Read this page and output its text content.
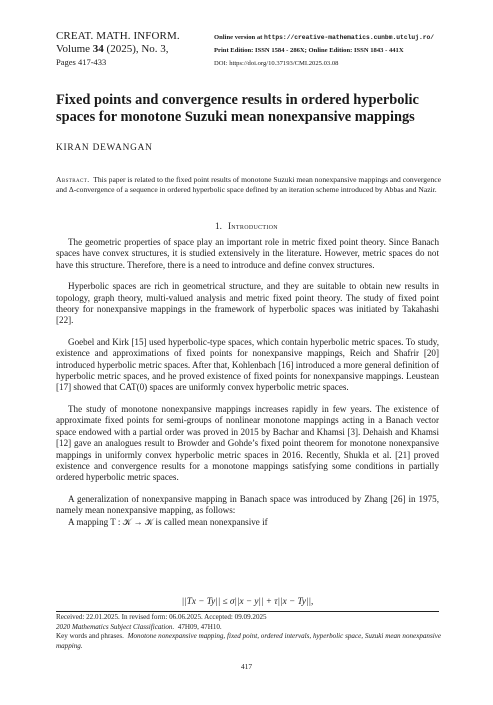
CREAT. MATH. INFORM.
Volume 34 (2025), No. 3,
Pages 417-433
Online version at https://creative-mathematics.cunbm.utcluj.ro/
Print Edition: ISSN 1584 - 286X; Online Edition: ISSN 1843 - 441X
DOI: https://doi.org/10.37193/CMI.2025.03.08
Fixed points and convergence results in ordered hyperbolic
spaces for monotone Suzuki mean nonexpansive mappings
KIRAN DEWANGAN
Abstract. This paper is related to the fixed point results of monotone Suzuki mean nonexpansive mappings and convergence and Δ-convergence of a sequence in ordered hyperbolic space defined by an iteration scheme introduced by Abbas and Nazir.
1. Introduction

The geometric properties of space play an important role in metric fixed point theory. Since Banach spaces have convex structures, it is studied extensively in the literature. However, metric spaces do not have this structure. Therefore, there is a need to introduce and define convex structures.

Hyperbolic spaces are rich in geometrical structure, and they are suitable to obtain new results in topology, graph theory, multi-valued analysis and metric fixed point theory. The study of fixed point theory for nonexpansive mappings in the framework of hyperbolic spaces was initiated by Takahashi [22].

Goebel and Kirk [15] used hyperbolic-type spaces, which contain hyperbolic metric spaces. To study, existence and approximations of fixed points for nonexpansive mappings, Reich and Shafrir [20] introduced hyperbolic metric spaces. After that, Kohlenbach [16] introduced a more general definition of hyperbolic metric spaces, and he proved existence of fixed points for nonexpansive mappings. Leustean [17] showed that CAT(0) spaces are uniformly convex hyperbolic metric spaces.

The study of monotone nonexpansive mappings increases rapidly in few years. The existence of approximate fixed points for semi-groups of nonlinear monotone mappings acting in a Banach vector space endowed with a partial order was proved in 2015 by Bachar and Khamsi [3]. Dehaish and Khamsi [12] gave an analogues result to Browder and Gohde’s fixed point theorem for monotone nonexpansive mappings in uniformly convex hyperbolic metric spaces in 2016. Recently, Shukla et al. [21] proved existence and convergence results for a monotone mappings satisfying some conditions in partially ordered hyperbolic metric spaces.

A generalization of nonexpansive mapping in Banach space was introduced by Zhang [26] in 1975, namely mean nonexpansive mapping, as follows:

A mapping T : 𝒦 → 𝒦 is called mean nonexpansive if

||Tx − Ty|| ≤ σ||x − y|| + τ||x − Ty||,
Received: 22.01.2025. In revised form: 06.06.2025. Accepted: 09.09.2025
2020 Mathematics Subject Classification. 47H09, 47H10.
Key words and phrases. Monotone nonexpansive mapping, fixed point, ordered intervals, hyperbolic space, Suzuki mean nonexpansive mapping.
417
